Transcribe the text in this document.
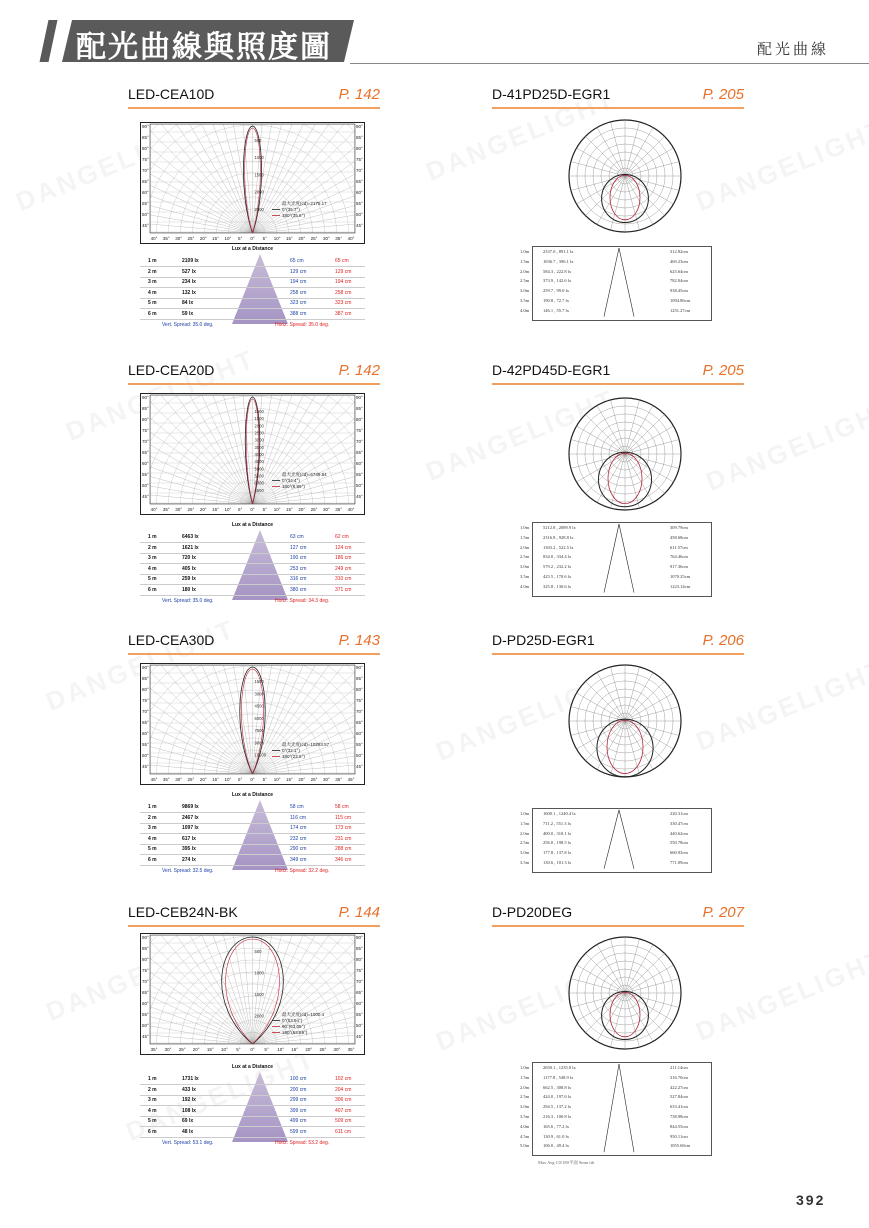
配光曲線與照度圖	配光曲線
LED-CEA10D	P. 142
90°	90°
85°	85°
80°	80°
75°	75°
70°	70°
65°	65°
60°	60°
55°	55°
50°	50°
45°	45°
40° 35° 30° 25° 20° 15° 10° 5° 0° 5° 10° 15° 20° 25° 30° 35° 40°
500
1000
1500
2000
2500
最大光度(cd)=2175.17
0°(35.7°)
180°(35.6°)
Lux at a Distance
1 m	2109 lx	65 cm	65 cm
2 m	527 lx	129 cm	129 cm
3 m	234 lx	194 cm	194 cm
4 m	132 lx	258 cm	258 cm
5 m	84 lx	323 cm	323 cm
6 m	59 lx	388 cm	387 cm
Vert. Spread: 35.0 deg.	Horiz. Spread: 35.0 deg.
LED-CEA20D	P. 142
90°	90°
85°	85°
80°	80°
75°	75°
70°	70°
65°	65°
60°	60°
55°	55°
50°	50°
45°	45°
40° 35° 30° 25° 20° 15° 10° 5° 0° 5° 10° 15° 20° 25° 30° 35° 40°
1000
1500
2000
2500
3000
3500
4000
4500
5000
5500
6000
6500
最大光度(cd)=6749.84
0°(34.4°)
180°(8.89°)
Lux at a Distance
1 m	6463 lx	63 cm	62 cm
2 m	1621 lx	127 cm	124 cm
3 m	720 lx	190 cm	186 cm
4 m	405 lx	253 cm	249 cm
5 m	259 lx	316 cm	310 cm
6 m	180 lx	380 cm	371 cm
Vert. Spread: 35.0 deg.	Horiz. Spread: 34.3 deg.
LED-CEA30D	P. 143
90°	90°
85°	85°
80°	80°
75°	75°
70°	70°
65°	65°
60°	60°
55°	55°
50°	50°
45°	45°
45° 35° 30° 25° 20° 15° 10° 5° 0° 5° 10° 15° 20° 25° 30° 35° 45°
1500
3000
4500
6000
7500
9000
10500
最大光度(cd)=10293.57
0°(32.1°)
180°(22.8°)
Lux at a Distance
1 m	9869 lx	58 cm	58 cm
2 m	2467 lx	116 cm	115 cm
3 m	1097 lx	174 cm	173 cm
4 m	617 lx	232 cm	231 cm
5 m	395 lx	290 cm	288 cm
6 m	274 lx	349 cm	346 cm
Vert. Spread: 32.5 deg.	Horiz. Spread: 32.2 deg.
LED-CEB24N-BK	P. 144
90°	90°
85°	85°
80°	80°
75°	75°
70°	70°
65°	65°
60°	60°
55°	55°
50°	50°
45°	45°
35° 30° 25° 20° 15° 10° 5° 0° 5° 10° 15° 20° 25° 30° 35°
500
1000
1500
2000	最大光度(cd)=1000.4
0°(53.94°)
90°(53.05°)
180°(53.89°)
Lux at a Distance
1 m	1731 lx	100 cm	102 cm
2 m	433 lx	200 cm	204 cm
3 m	192 lx	299 cm	306 cm
4 m	108 lx	399 cm	407 cm
5 m	69 lx	499 cm	509 cm
6 m	48 lx	599 cm	611 cm
Vert. Spread: 53.1 deg.	Horiz. Spread: 53.2 deg.
D-41PD25D-EGR1	P. 205
1.0m	2337.0 , 891.1 lx	312.82cm
1.5m	1036.7 , 396.1 lx	469.23cm
2.0m	584.3 , 222.8 lx	625.64cm
2.5m	373.9 , 142.6 lx	782.04cm
3.0m	259.7 , 99.0 lx	938.45cm
3.5m	190.8 , 72.7 lx	1094.86cm
4.0m	146.1 , 55.7 lx	1251.27cm
D-42PD45D-EGR1	P. 205
1.0m	5212.8 , 2089.9 lx	309.79cm
1.5m	2316.8 , 928.8 lx	458.68cm
2.0m	1303.2 , 522.5 lx	611.57cm
2.5m	834.0 , 334.4 lx	764.46cm
3.0m	579.2 , 232.2 lx	917.36cm
3.5m	425.5 , 170.6 lx	1070.25cm
4.0m	325.8 , 130.6 lx	1223.14cm
D-PD25D-EGR1	P. 206
1.0m	1600.1 , 1240.4 lx	220.31cm
1.5m	711.2 , 551.3 lx	330.47cm
2.0m	400.0 , 310.1 lx	440.62cm
2.5m	256.0 , 198.5 lx	550.78cm
3.0m	177.8 , 137.8 lx	660.93cm
3.5m	130.6 , 101.3 lx	771.09cm
D-PD20DEG	P. 207
1.0m	2650.1 , 1235.0 lx	211.14cm
1.5m	1177.8 , 548.9 lx	316.70cm
2.0m	662.5 , 308.8 lx	422.27cm
2.5m	424.0 , 197.6 lx	527.84cm
3.0m	294.5 , 137.2 lx	633.41cm
3.5m	216.3 , 100.8 lx	738.98cm
4.0m	165.6 , 77.2 lx	844.55cm
4.5m	130.9 , 61.0 lx	950.11cm
5.0m	106.0 , 49.4 lx	1055.68cm
Max Avg C0/180平面 9mm tilt
392
